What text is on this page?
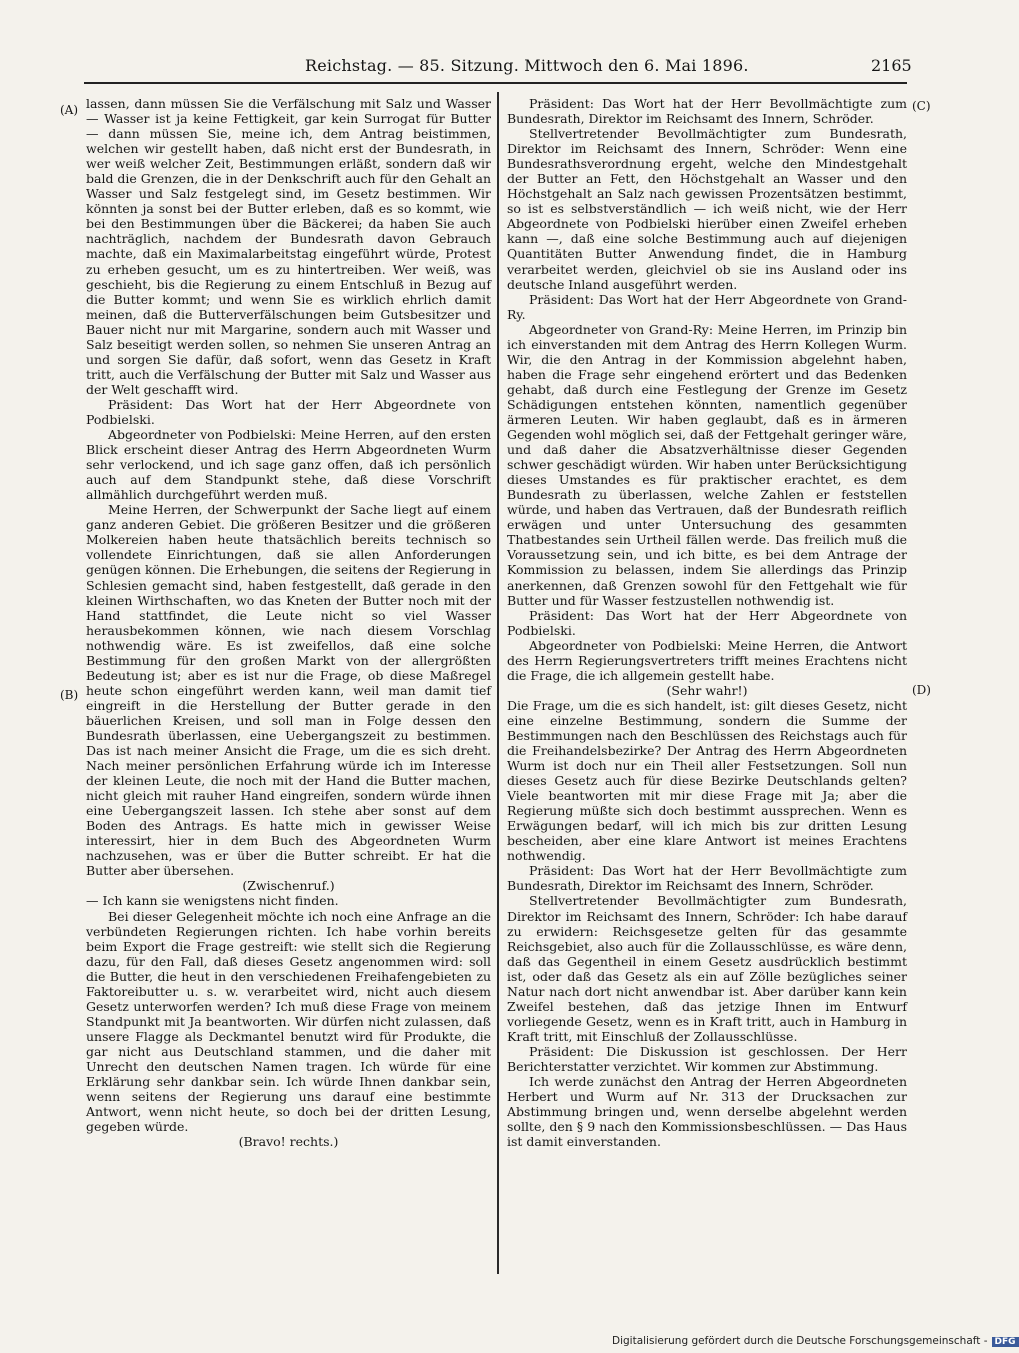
Reichstag. — 85. Sitzung. Mittwoch den 6. Mai 1896.	2165
(A)
(B)
(C)
(D)

lassen, dann müssen Sie die Verfälschung mit Salz und Wasser — Wasser ist ja keine Fettigkeit, gar kein Surrogat für Butter — dann müssen Sie, meine ich, dem Antrag beistimmen, welchen wir gestellt haben, daß nicht erst der Bundesrath, in wer weiß welcher Zeit, Bestimmungen erläßt, sondern daß wir bald die Grenzen, die in der Denkschrift auch für den Gehalt an Wasser und Salz festgelegt sind, im Gesetz bestimmen. Wir könnten ja sonst bei der Butter erleben, daß es so kommt, wie bei den Bestimmungen über die Bäckerei; da haben Sie auch nachträglich, nachdem der Bundesrath davon Gebrauch machte, daß ein Maximalarbeitstag eingeführt würde, Protest zu erheben gesucht, um es zu hintertreiben. Wer weiß, was geschieht, bis die Regierung zu einem Entschluß in Bezug auf die Butter kommt; und wenn Sie es wirklich ehrlich damit meinen, daß die Butterverfälschungen beim Gutsbesitzer und Bauer nicht nur mit Margarine, sondern auch mit Wasser und Salz beseitigt werden sollen, so nehmen Sie unseren Antrag an und sorgen Sie dafür, daß sofort, wenn das Gesetz in Kraft tritt, auch die Verfälschung der Butter mit Salz und Wasser aus der Welt geschafft wird.

Präsident: Das Wort hat der Herr Abgeordnete von Podbielski.

Abgeordneter von Podbielski: Meine Herren, auf den ersten Blick erscheint dieser Antrag des Herrn Abgeordneten Wurm sehr verlockend, und ich sage ganz offen, daß ich persönlich auch auf dem Standpunkt stehe, daß diese Vorschrift allmählich durchgeführt werden muß.

Meine Herren, der Schwerpunkt der Sache liegt auf einem ganz anderen Gebiet. Die größeren Besitzer und die größeren Molkereien haben heute thatsächlich bereits technisch so vollendete Einrichtungen, daß sie allen Anforderungen genügen können. Die Erhebungen, die seitens der Regierung in Schlesien gemacht sind, haben festgestellt, daß gerade in den kleinen Wirthschaften, wo das Kneten der Butter noch mit der Hand stattfindet, die Leute nicht so viel Wasser herausbekommen können, wie nach diesem Vorschlag nothwendig wäre. Es ist zweifellos, daß eine solche Bestimmung für den großen Markt von der allergrößten Bedeutung ist; aber es ist nur die Frage, ob diese Maßregel heute schon eingeführt werden kann, weil man damit tief eingreift in die Herstellung der Butter gerade in den bäuerlichen Kreisen, und soll man in Folge dessen den Bundesrath überlassen, eine Uebergangszeit zu bestimmen. Das ist nach meiner Ansicht die Frage, um die es sich dreht. Nach meiner persönlichen Erfahrung würde ich im Interesse der kleinen Leute, die noch mit der Hand die Butter machen, nicht gleich mit rauher Hand eingreifen, sondern würde ihnen eine Uebergangszeit lassen. Ich stehe aber sonst auf dem Boden des Antrags. Es hatte mich in gewisser Weise interessirt, hier in dem Buch des Abgeordneten Wurm nachzusehen, was er über die Butter schreibt. Er hat die Butter aber übersehen.

(Zwischenruf.)

— Ich kann sie wenigstens nicht finden.

Bei dieser Gelegenheit möchte ich noch eine Anfrage an die verbündeten Regierungen richten. Ich habe vorhin bereits beim Export die Frage gestreift: wie stellt sich die Regierung dazu, für den Fall, daß dieses Gesetz angenommen wird: soll die Butter, die heut in den verschiedenen Freihafengebieten zu Faktoreibutter u. s. w. verarbeitet wird, nicht auch diesem Gesetz unterworfen werden? Ich muß diese Frage von meinem Standpunkt mit Ja beantworten. Wir dürfen nicht zulassen, daß unsere Flagge als Deckmantel benutzt wird für Produkte, die gar nicht aus Deutschland stammen, und die daher mit Unrecht den deutschen Namen tragen. Ich würde für eine Erklärung sehr dankbar sein. Ich würde Ihnen dankbar sein, wenn seitens der Regierung uns darauf eine bestimmte Antwort, wenn nicht heute, so doch bei der dritten Lesung, gegeben würde.

(Bravo! rechts.)

Präsident: Das Wort hat der Herr Bevollmächtigte zum Bundesrath, Direktor im Reichsamt des Innern, Schröder.

Stellvertretender Bevollmächtigter zum Bundesrath, Direktor im Reichsamt des Innern, Schröder: Wenn eine Bundesrathsverordnung ergeht, welche den Mindestgehalt der Butter an Fett, den Höchstgehalt an Wasser und den Höchstgehalt an Salz nach gewissen Prozentsätzen bestimmt, so ist es selbstverständlich — ich weiß nicht, wie der Herr Abgeordnete von Podbielski hierüber einen Zweifel erheben kann —, daß eine solche Bestimmung auch auf diejenigen Quantitäten Butter Anwendung findet, die in Hamburg verarbeitet werden, gleichviel ob sie ins Ausland oder ins deutsche Inland ausgeführt werden.

Präsident: Das Wort hat der Herr Abgeordnete von Grand-Ry.

Abgeordneter von Grand-Ry: Meine Herren, im Prinzip bin ich einverstanden mit dem Antrag des Herrn Kollegen Wurm. Wir, die den Antrag in der Kommission abgelehnt haben, haben die Frage sehr eingehend erörtert und das Bedenken gehabt, daß durch eine Festlegung der Grenze im Gesetz Schädigungen entstehen könnten, namentlich gegenüber ärmeren Leuten. Wir haben geglaubt, daß es in ärmeren Gegenden wohl möglich sei, daß der Fettgehalt geringer wäre, und daß daher die Absatzverhältnisse dieser Gegenden schwer geschädigt würden. Wir haben unter Berücksichtigung dieses Umstandes es für praktischer erachtet, es dem Bundesrath zu überlassen, welche Zahlen er feststellen würde, und haben das Vertrauen, daß der Bundesrath reiflich erwägen und unter Untersuchung des gesammten Thatbestandes sein Urtheil fällen werde. Das freilich muß die Voraussetzung sein, und ich bitte, es bei dem Antrage der Kommission zu belassen, indem Sie allerdings das Prinzip anerkennen, daß Grenzen sowohl für den Fettgehalt wie für Butter und für Wasser festzustellen nothwendig ist.

Präsident: Das Wort hat der Herr Abgeordnete von Podbielski.

Abgeordneter von Podbielski: Meine Herren, die Antwort des Herrn Regierungsvertreters trifft meines Erachtens nicht die Frage, die ich allgemein gestellt habe.

(Sehr wahr!)

Die Frage, um die es sich handelt, ist: gilt dieses Gesetz, nicht eine einzelne Bestimmung, sondern die Summe der Bestimmungen nach den Beschlüssen des Reichstags auch für die Freihandelsbezirke? Der Antrag des Herrn Abgeordneten Wurm ist doch nur ein Theil aller Festsetzungen. Soll nun dieses Gesetz auch für diese Bezirke Deutschlands gelten? Viele beantworten mit mir diese Frage mit Ja; aber die Regierung müßte sich doch bestimmt aussprechen. Wenn es Erwägungen bedarf, will ich mich bis zur dritten Lesung bescheiden, aber eine klare Antwort ist meines Erachtens nothwendig.

Präsident: Das Wort hat der Herr Bevollmächtigte zum Bundesrath, Direktor im Reichsamt des Innern, Schröder.

Stellvertretender Bevollmächtigter zum Bundesrath, Direktor im Reichsamt des Innern, Schröder: Ich habe darauf zu erwidern: Reichsgesetze gelten für das gesammte Reichsgebiet, also auch für die Zollausschlüsse, es wäre denn, daß das Gegentheil in einem Gesetz ausdrücklich bestimmt ist, oder daß das Gesetz als ein auf Zölle bezügliches seiner Natur nach dort nicht anwendbar ist. Aber darüber kann kein Zweifel bestehen, daß das jetzige Ihnen im Entwurf vorliegende Gesetz, wenn es in Kraft tritt, auch in Hamburg in Kraft tritt, mit Einschluß der Zollausschlüsse.

Präsident: Die Diskussion ist geschlossen. Der Herr Berichterstatter verzichtet. Wir kommen zur Abstimmung.

Ich werde zunächst den Antrag der Herren Abgeordneten Herbert und Wurm auf Nr. 313 der Drucksachen zur Abstimmung bringen und, wenn derselbe abgelehnt werden sollte, den § 9 nach den Kommissionsbeschlüssen. — Das Haus ist damit einverstanden.

Digitalisierung gefördert durch die Deutsche Forschungsgemeinschaft - DFG
